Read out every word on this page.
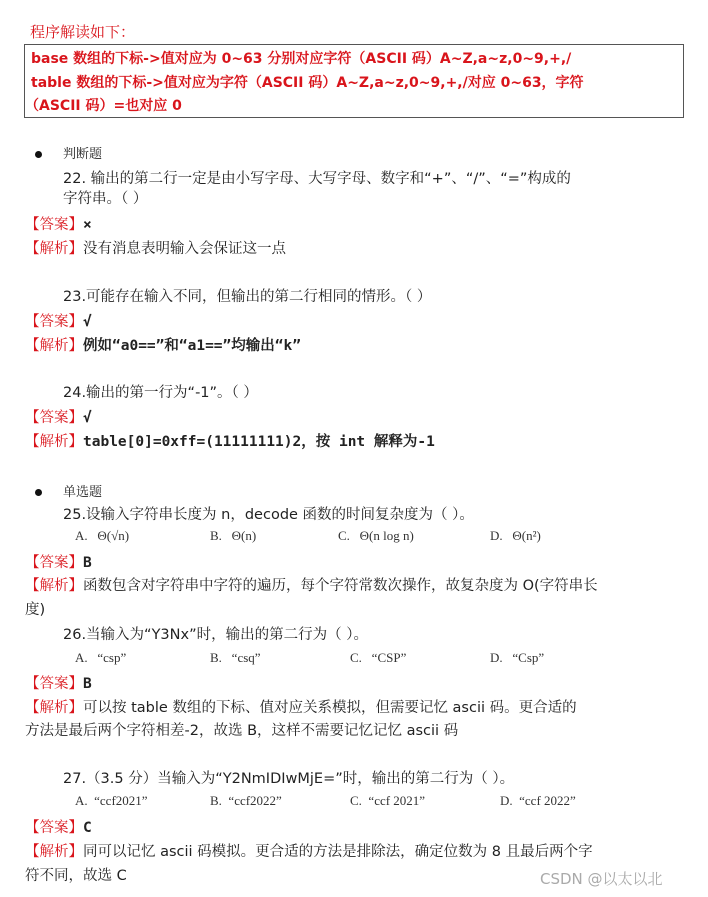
程序解读如下：
base 数组的下标->值对应为 0~63 分别对应字符（ASCII 码）A~Z,a~z,0~9,+,/
table 数组的下标->值对应为字符（ASCII 码）A~Z,a~z,0~9,+,/对应 0~63，字符
（ASCII 码）=也对应 0
判断题
22. 输出的第二行一定是由小写字母、大写字母、数字和“+”、“/”、“=”构成的
字符串。（ ）
【答案】×
【解析】没有消息表明输入会保证这一点
23.可能存在输入不同，但输出的第二行相同的情形。（ ）
【答案】√
【解析】例如“a0==”和“a1==”均输出“k”
24.输出的第一行为“-1”。（ ）
【答案】√
【解析】table[0]=0xff=(11111111)2，按 int 解释为-1
单选题
25.设输入字符串长度为 n，decode 函数的时间复杂度为（ ）。
A. Θ(√n)	B. Θ(n)	C. Θ(n log n)	D. Θ(n²)
【答案】B
【解析】函数包含对字符串中字符的遍历，每个字符常数次操作，故复杂度为 O(字符串长
度)
26.当输入为“Y3Nx”时，输出的第二行为（ ）。
A. “csp”	B. “csq”	C. “CSP”	D. “Csp”
【答案】B
【解析】可以按 table 数组的下标、值对应关系模拟，但需要记忆 ascii 码。更合适的
方法是最后两个字符相差-2，故选 B，这样不需要记忆记忆 ascii 码
27.（3.5 分）当输入为“Y2NmIDIwMjE=”时，输出的第二行为（ ）。
A. “ccf2021”	B. “ccf2022”	C. “ccf 2021”	D. “ccf 2022”
【答案】C
【解析】同可以记忆 ascii 码模拟。更合适的方法是排除法，确定位数为 8 且最后两个字
符不同，故选 C	CSDN @以太以北
